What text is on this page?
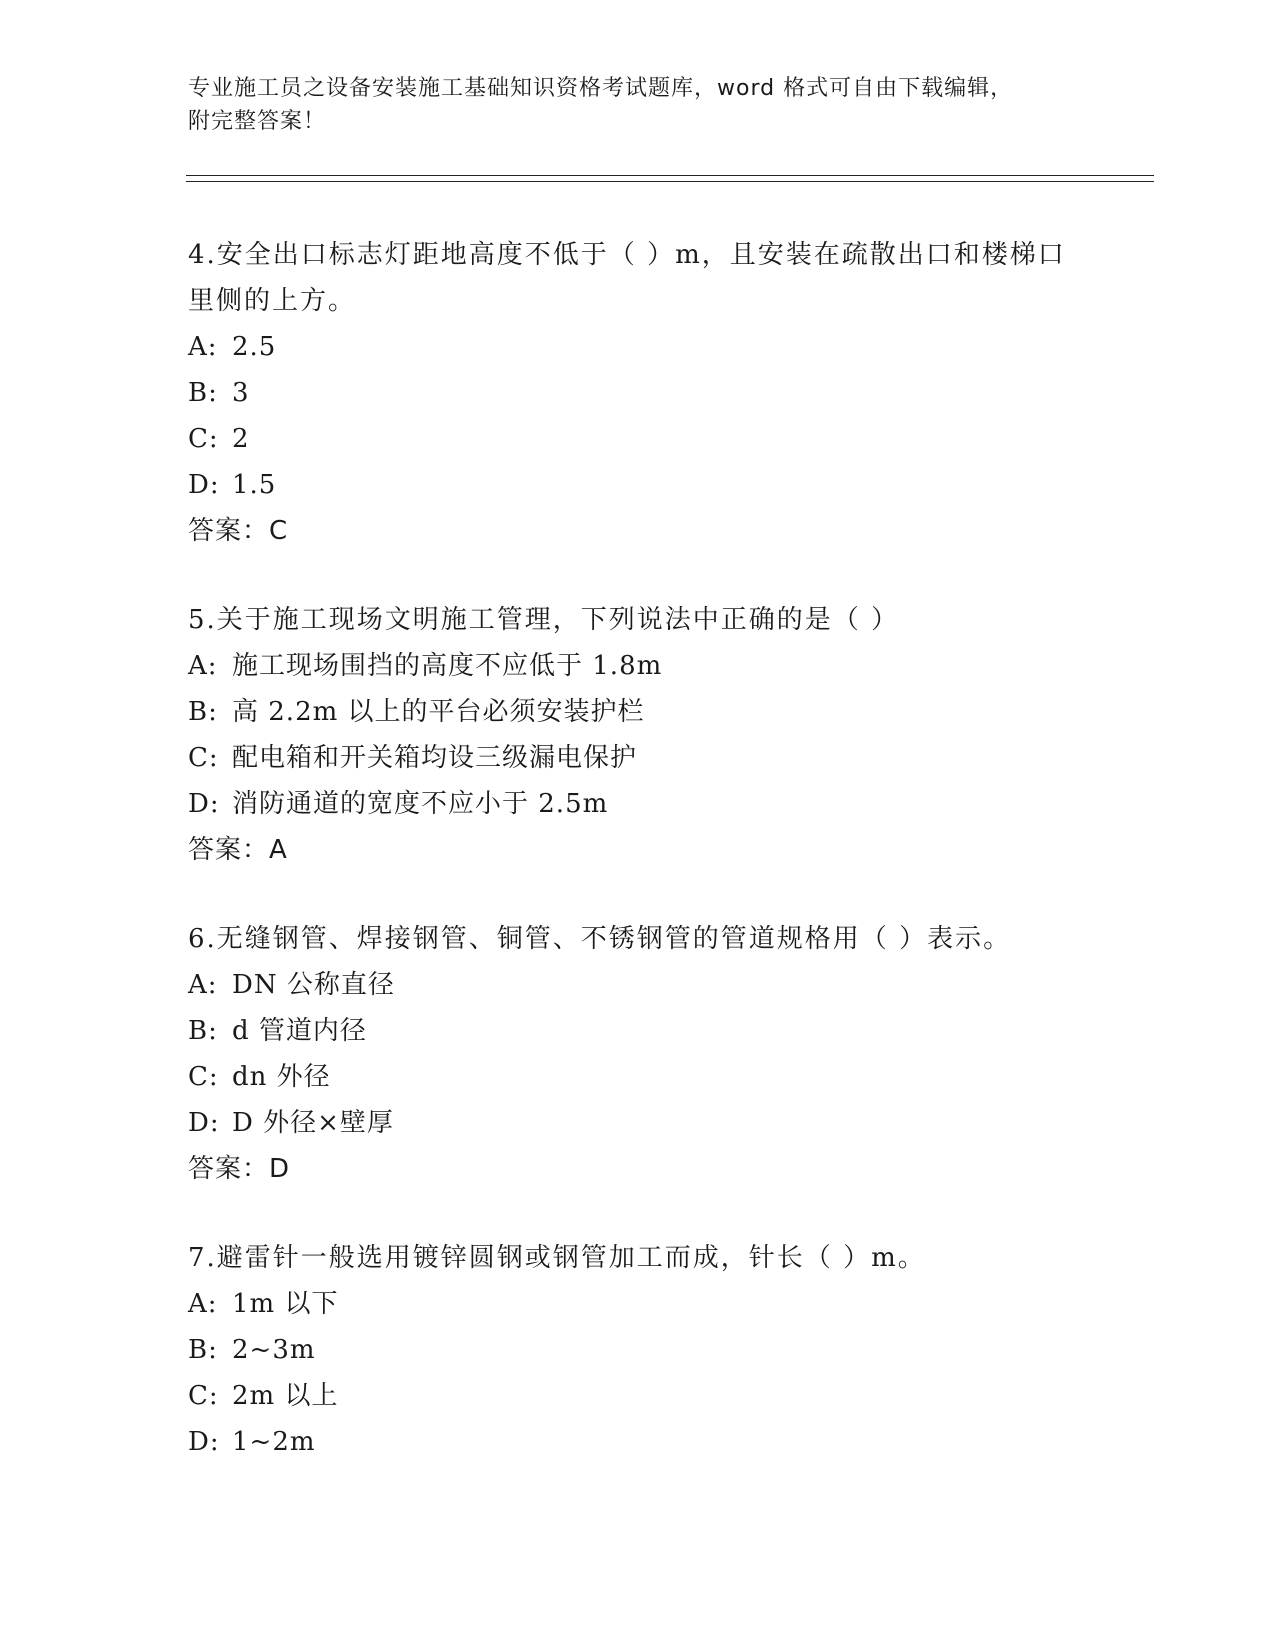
专业施工员之设备安装施工基础知识资格考试题库，word 格式可自由下载编辑，
附完整答案！
4.安全出口标志灯距地高度不低于（ ）m，且安装在疏散出口和楼梯口里侧的上方。
A: 2.5
B: 3
C: 2
D: 1.5
答案：C
5.关于施工现场文明施工管理，下列说法中正确的是（ ）
A: 施工现场围挡的高度不应低于 1.8m
B: 高 2.2m 以上的平台必须安装护栏
C: 配电箱和开关箱均设三级漏电保护
D: 消防通道的宽度不应小于 2.5m
答案：A
6.无缝钢管、焊接钢管、铜管、不锈钢管的管道规格用（ ）表示。
A: DN 公称直径
B: d 管道内径
C: dn 外径
D: D 外径×壁厚
答案：D
7.避雷针一般选用镀锌圆钢或钢管加工而成，针长（ ）m。
A: 1m 以下
B: 2~3m
C: 2m 以上
D: 1~2m
